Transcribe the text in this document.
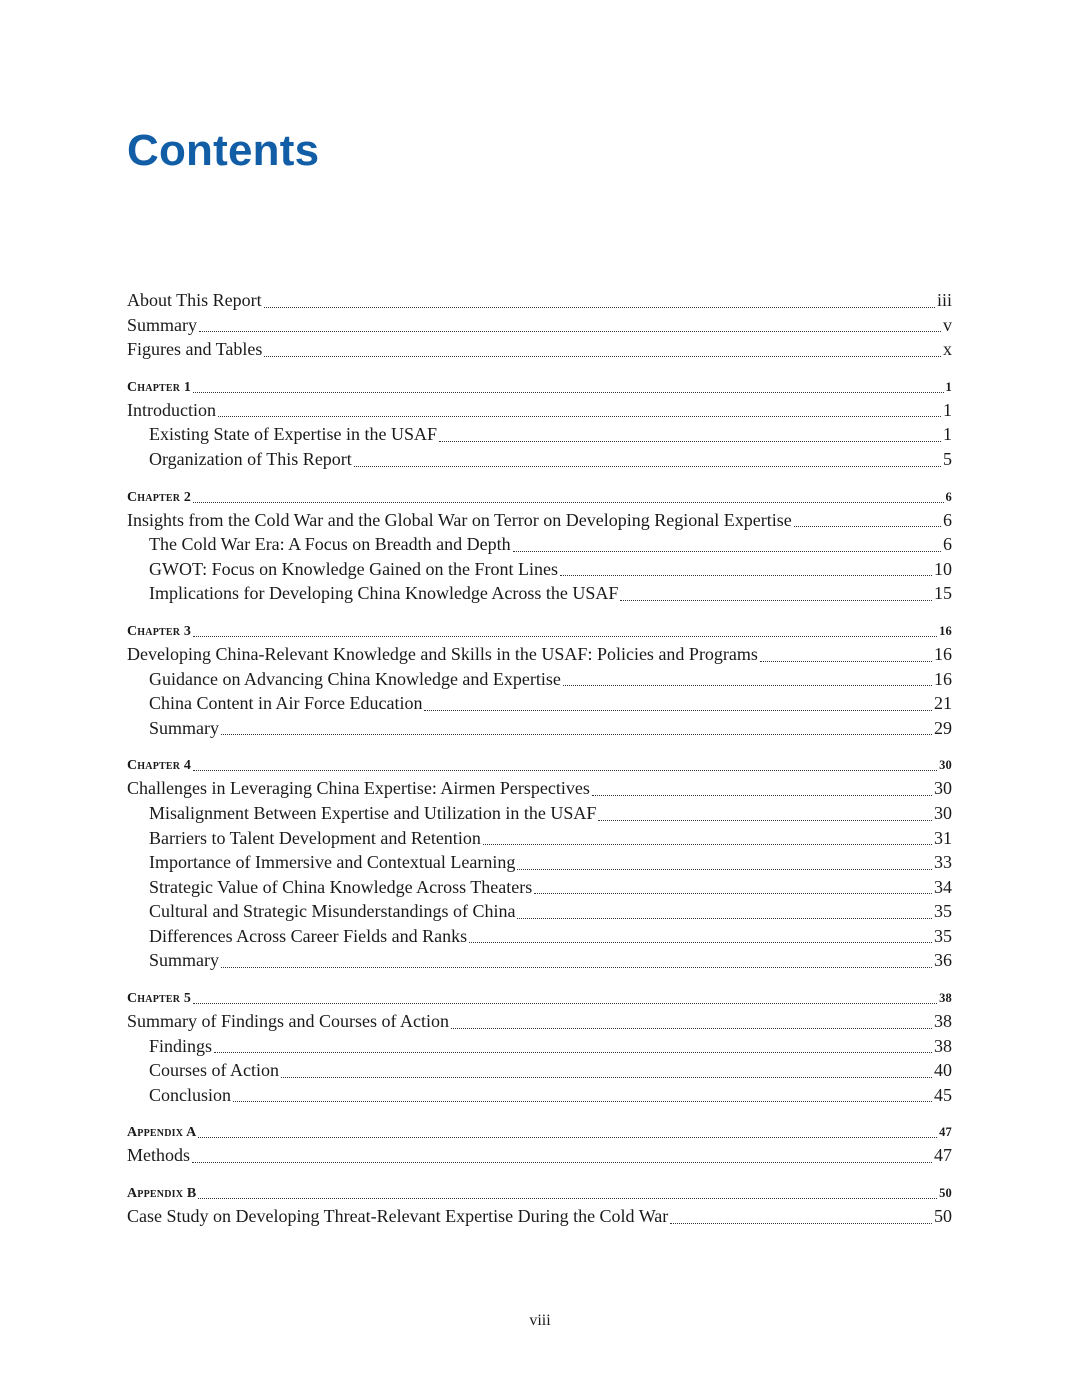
Contents
About This Report	iii
Summary	v
Figures and Tables	x
Chapter 1	1
Introduction	1
Existing State of Expertise in the USAF	1
Organization of This Report	5
Chapter 2	6
Insights from the Cold War and the Global War on Terror on Developing Regional Expertise	6
The Cold War Era: A Focus on Breadth and Depth	6
GWOT: Focus on Knowledge Gained on the Front Lines	10
Implications for Developing China Knowledge Across the USAF	15
Chapter 3	16
Developing China-Relevant Knowledge and Skills in the USAF: Policies and Programs	16
Guidance on Advancing China Knowledge and Expertise	16
China Content in Air Force Education	21
Summary	29
Chapter 4	30
Challenges in Leveraging China Expertise: Airmen Perspectives	30
Misalignment Between Expertise and Utilization in the USAF	30
Barriers to Talent Development and Retention	31
Importance of Immersive and Contextual Learning	33
Strategic Value of China Knowledge Across Theaters	34
Cultural and Strategic Misunderstandings of China	35
Differences Across Career Fields and Ranks	35
Summary	36
Chapter 5	38
Summary of Findings and Courses of Action	38
Findings	38
Courses of Action	40
Conclusion	45
Appendix A	47
Methods	47
Appendix B	50
Case Study on Developing Threat-Relevant Expertise During the Cold War	50
viii
